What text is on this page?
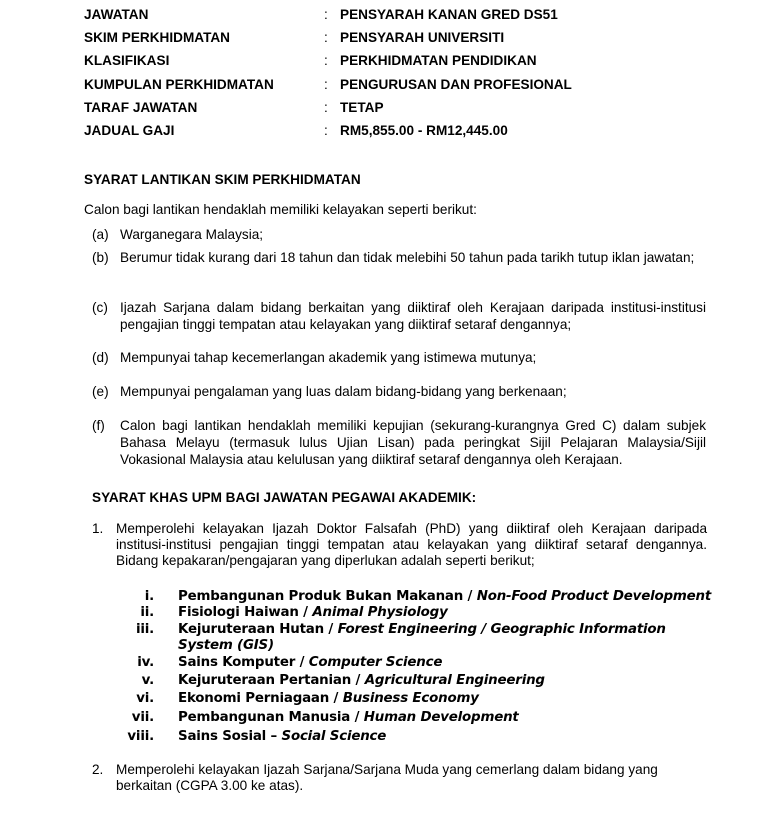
JAWATAN	: PENSYARAH KANAN GRED DS51
SKIM PERKHIDMATAN	: PENSYARAH UNIVERSITI
KLASIFIKASI	: PERKHIDMATAN PENDIDIKAN
KUMPULAN PERKHIDMATAN	: PENGURUSAN DAN PROFESIONAL
TARAF JAWATAN	: TETAP
JADUAL GAJI	: RM5,855.00 - RM12,445.00
SYARAT LANTIKAN SKIM PERKHIDMATAN
Calon bagi lantikan hendaklah memiliki kelayakan seperti berikut:
(a) Warganegara Malaysia;
(b) Berumur tidak kurang dari 18 tahun dan tidak melebihi 50 tahun pada tarikh tutup iklan jawatan;
(c) Ijazah Sarjana dalam bidang berkaitan yang diiktiraf oleh Kerajaan daripada institusi-institusi pengajian tinggi tempatan atau kelayakan yang diiktiraf setaraf dengannya;
(d) Mempunyai tahap kecemerlangan akademik yang istimewa mutunya;
(e) Mempunyai pengalaman yang luas dalam bidang-bidang yang berkenaan;
(f) Calon bagi lantikan hendaklah memiliki kepujian (sekurang-kurangnya Gred C) dalam subjek Bahasa Melayu (termasuk lulus Ujian Lisan) pada peringkat Sijil Pelajaran Malaysia/Sijil Vokasional Malaysia atau kelulusan yang diiktiraf setaraf dengannya oleh Kerajaan.
SYARAT KHAS UPM BAGI JAWATAN PEGAWAI AKADEMIK:
1. Memperolehi kelayakan Ijazah Doktor Falsafah (PhD) yang diiktiraf oleh Kerajaan daripada institusi-institusi pengajian tinggi tempatan atau kelayakan yang diiktiraf setaraf dengannya. Bidang kepakaran/pengajaran yang diperlukan adalah seperti berikut;
i. Pembangunan Produk Bukan Makanan / Non-Food Product Development
ii. Fisiologi Haiwan / Animal Physiology
iii. Kejuruteraan Hutan / Forest Engineering / Geographic Information System (GIS)
iv. Sains Komputer / Computer Science
v. Kejuruteraan Pertanian / Agricultural Engineering
vi. Ekonomi Perniagaan / Business Economy
vii. Pembangunan Manusia / Human Development
viii. Sains Sosial – Social Science
2. Memperolehi kelayakan Ijazah Sarjana/Sarjana Muda yang cemerlang dalam bidang yang berkaitan (CGPA 3.00 ke atas).
